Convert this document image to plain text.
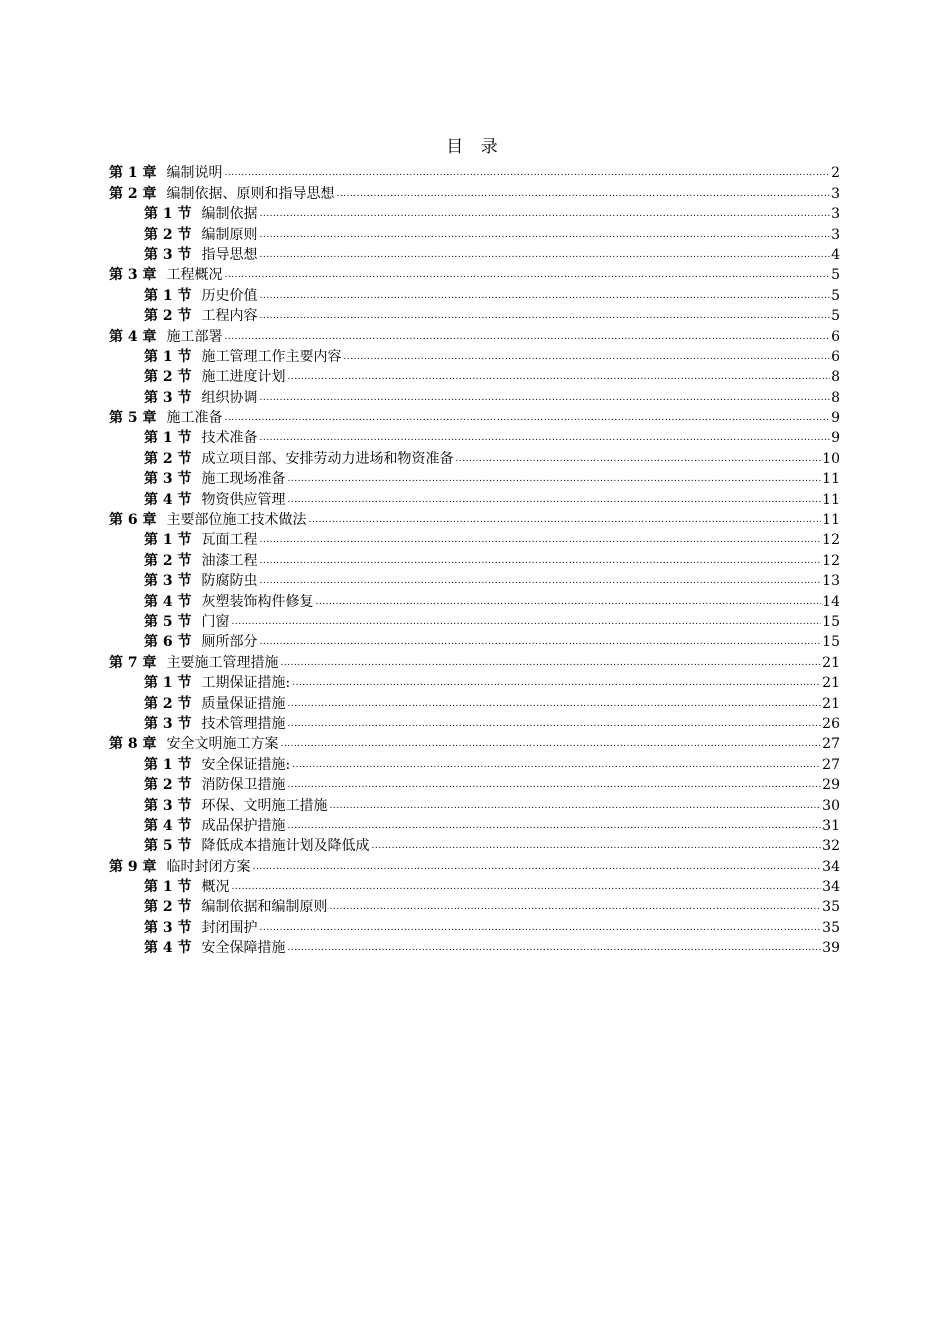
目 录
第 1 章 编制说明 .....	2
第 2 章 编制依据、原则和指导思想 .....	3
第 1 节 编制依据 .....	3
第 2 节 编制原则 .....	3
第 3 节 指导思想 .....	4
第 3 章 工程概况 .....	5
第 1 节 历史价值 .....	5
第 2 节 工程内容 .....	5
第 4 章 施工部署 .....	6
第 1 节 施工管理工作主要内容 .....	6
第 2 节 施工进度计划 .....	8
第 3 节 组织协调 .....	8
第 5 章 施工准备 .....	9
第 1 节 技术准备 .....	9
第 2 节 成立项目部、安排劳动力进场和物资准备 .....	10
第 3 节 施工现场准备 .....	11
第 4 节 物资供应管理 .....	11
第 6 章 主要部位施工技术做法 .....	11
第 1 节 瓦面工程 .....	12
第 2 节 油漆工程 .....	12
第 3 节 防腐防虫 .....	13
第 4 节 灰塑装饰构件修复 .....	14
第 5 节 门窗 .....	15
第 6 节 厕所部分 .....	15
第 7 章 主要施工管理措施 .....	21
第 1 节 工期保证措施: .....	21
第 2 节 质量保证措施 .....	21
第 3 节 技术管理措施 .....	26
第 8 章 安全文明施工方案 .....	27
第 1 节 安全保证措施: .....	27
第 2 节 消防保卫措施 .....	29
第 3 节 环保、文明施工措施 .....	30
第 4 节 成品保护措施 .....	31
第 5 节 降低成本措施计划及降低成 .....	32
第 9 章 临时封闭方案 .....	34
第 1 节 概况 .....	34
第 2 节 编制依据和编制原则 .....	35
第 3 节 封闭围护 .....	35
第 4 节 安全保障措施 .....	39
